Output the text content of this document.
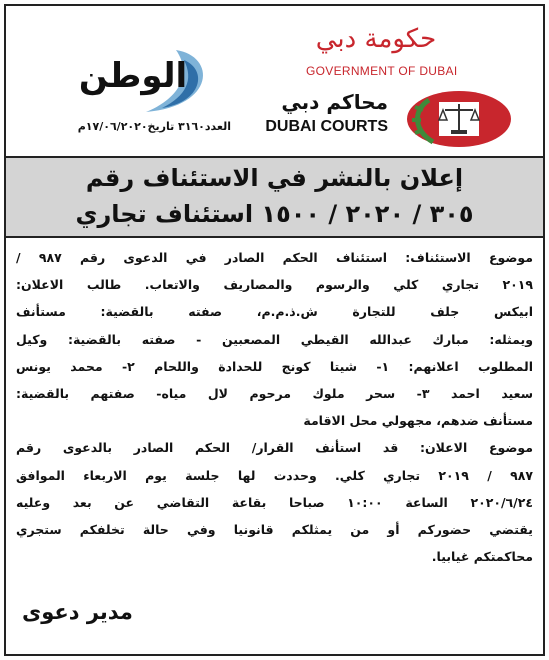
الوطن
العدد٣١٦٠ تاريخ١٧/٠٦/٢٠٢٠م
حكومة دبي
GOVERNMENT OF DUBAI
محاكم دبي
DUBAI COURTS
إعلان بالنشر في الاستئناف رقم
٣٠٥ / ٢٠٢٠ / ١٥٠٠ استئناف تجاري
موضوع الاستئناف: استئناف الحكم الصادر في الدعوى رقم ٩٨٧ /
٢٠١٩ تجاري كلي والرسوم والمصاريف والاتعاب. طالب الاعلان:
ابيكس جلف للتجارة ش.ذ.م.م، صفته بالقضية: مستأنف
ويمثله: مبارك عبدالله القيطي المصعبين - صفته بالقضية: وكيل
المطلوب اعلانهم: ١- شيتا كونج للحدادة واللحام ٢- محمد يونس
سعيد احمد ٣- سحر ملوك مرحوم لال مياه- صفتهم بالقضية:
مستأنف ضدهم، مجهولي محل الاقامة
موضوع الاعلان: قد استأنف القرار/ الحكم الصادر بالدعوى رقم
٩٨٧ / ٢٠١٩ تجاري كلي. وحددت لها جلسة يوم الاربعاء الموافق
٢٠٢٠/٦/٢٤ الساعة ١٠:٠٠ صباحا بقاعة التقاضي عن بعد وعليه
يقتضي حضوركم أو من يمثلكم قانونيا وفي حالة تخلفكم ستجري
محاكمتكم غيابيا.
مدير دعوى
